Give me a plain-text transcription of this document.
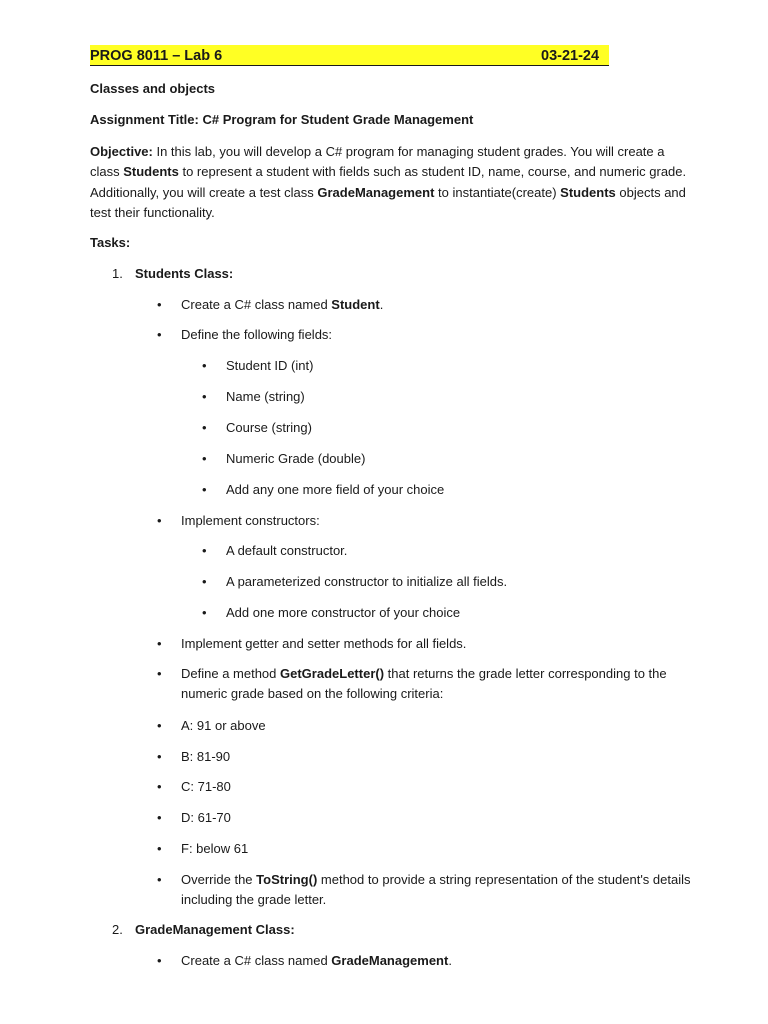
PROG 8011 – Lab 6	03-21-24
Classes and objects
Assignment Title: C# Program for Student Grade Management
Objective: In this lab, you will develop a C# program for managing student grades. You will create a class Students to represent a student with fields such as student ID, name, course, and numeric grade. Additionally, you will create a test class GradeManagement to instantiate(create) Students objects and test their functionality.
Tasks:
1. Students Class:
• Create a C# class named Student.
• Define the following fields:
• Student ID (int)
• Name (string)
• Course (string)
• Numeric Grade (double)
• Add any one more field of your choice
• Implement constructors:
• A default constructor.
• A parameterized constructor to initialize all fields.
• Add one more constructor of your choice
• Implement getter and setter methods for all fields.
• Define a method GetGradeLetter() that returns the grade letter corresponding to the numeric grade based on the following criteria:
• A: 91 or above
• B: 81-90
• C: 71-80
• D: 61-70
• F: below 61
• Override the ToString() method to provide a string representation of the student's details including the grade letter.
2. GradeManagement Class:
• Create a C# class named GradeManagement.
